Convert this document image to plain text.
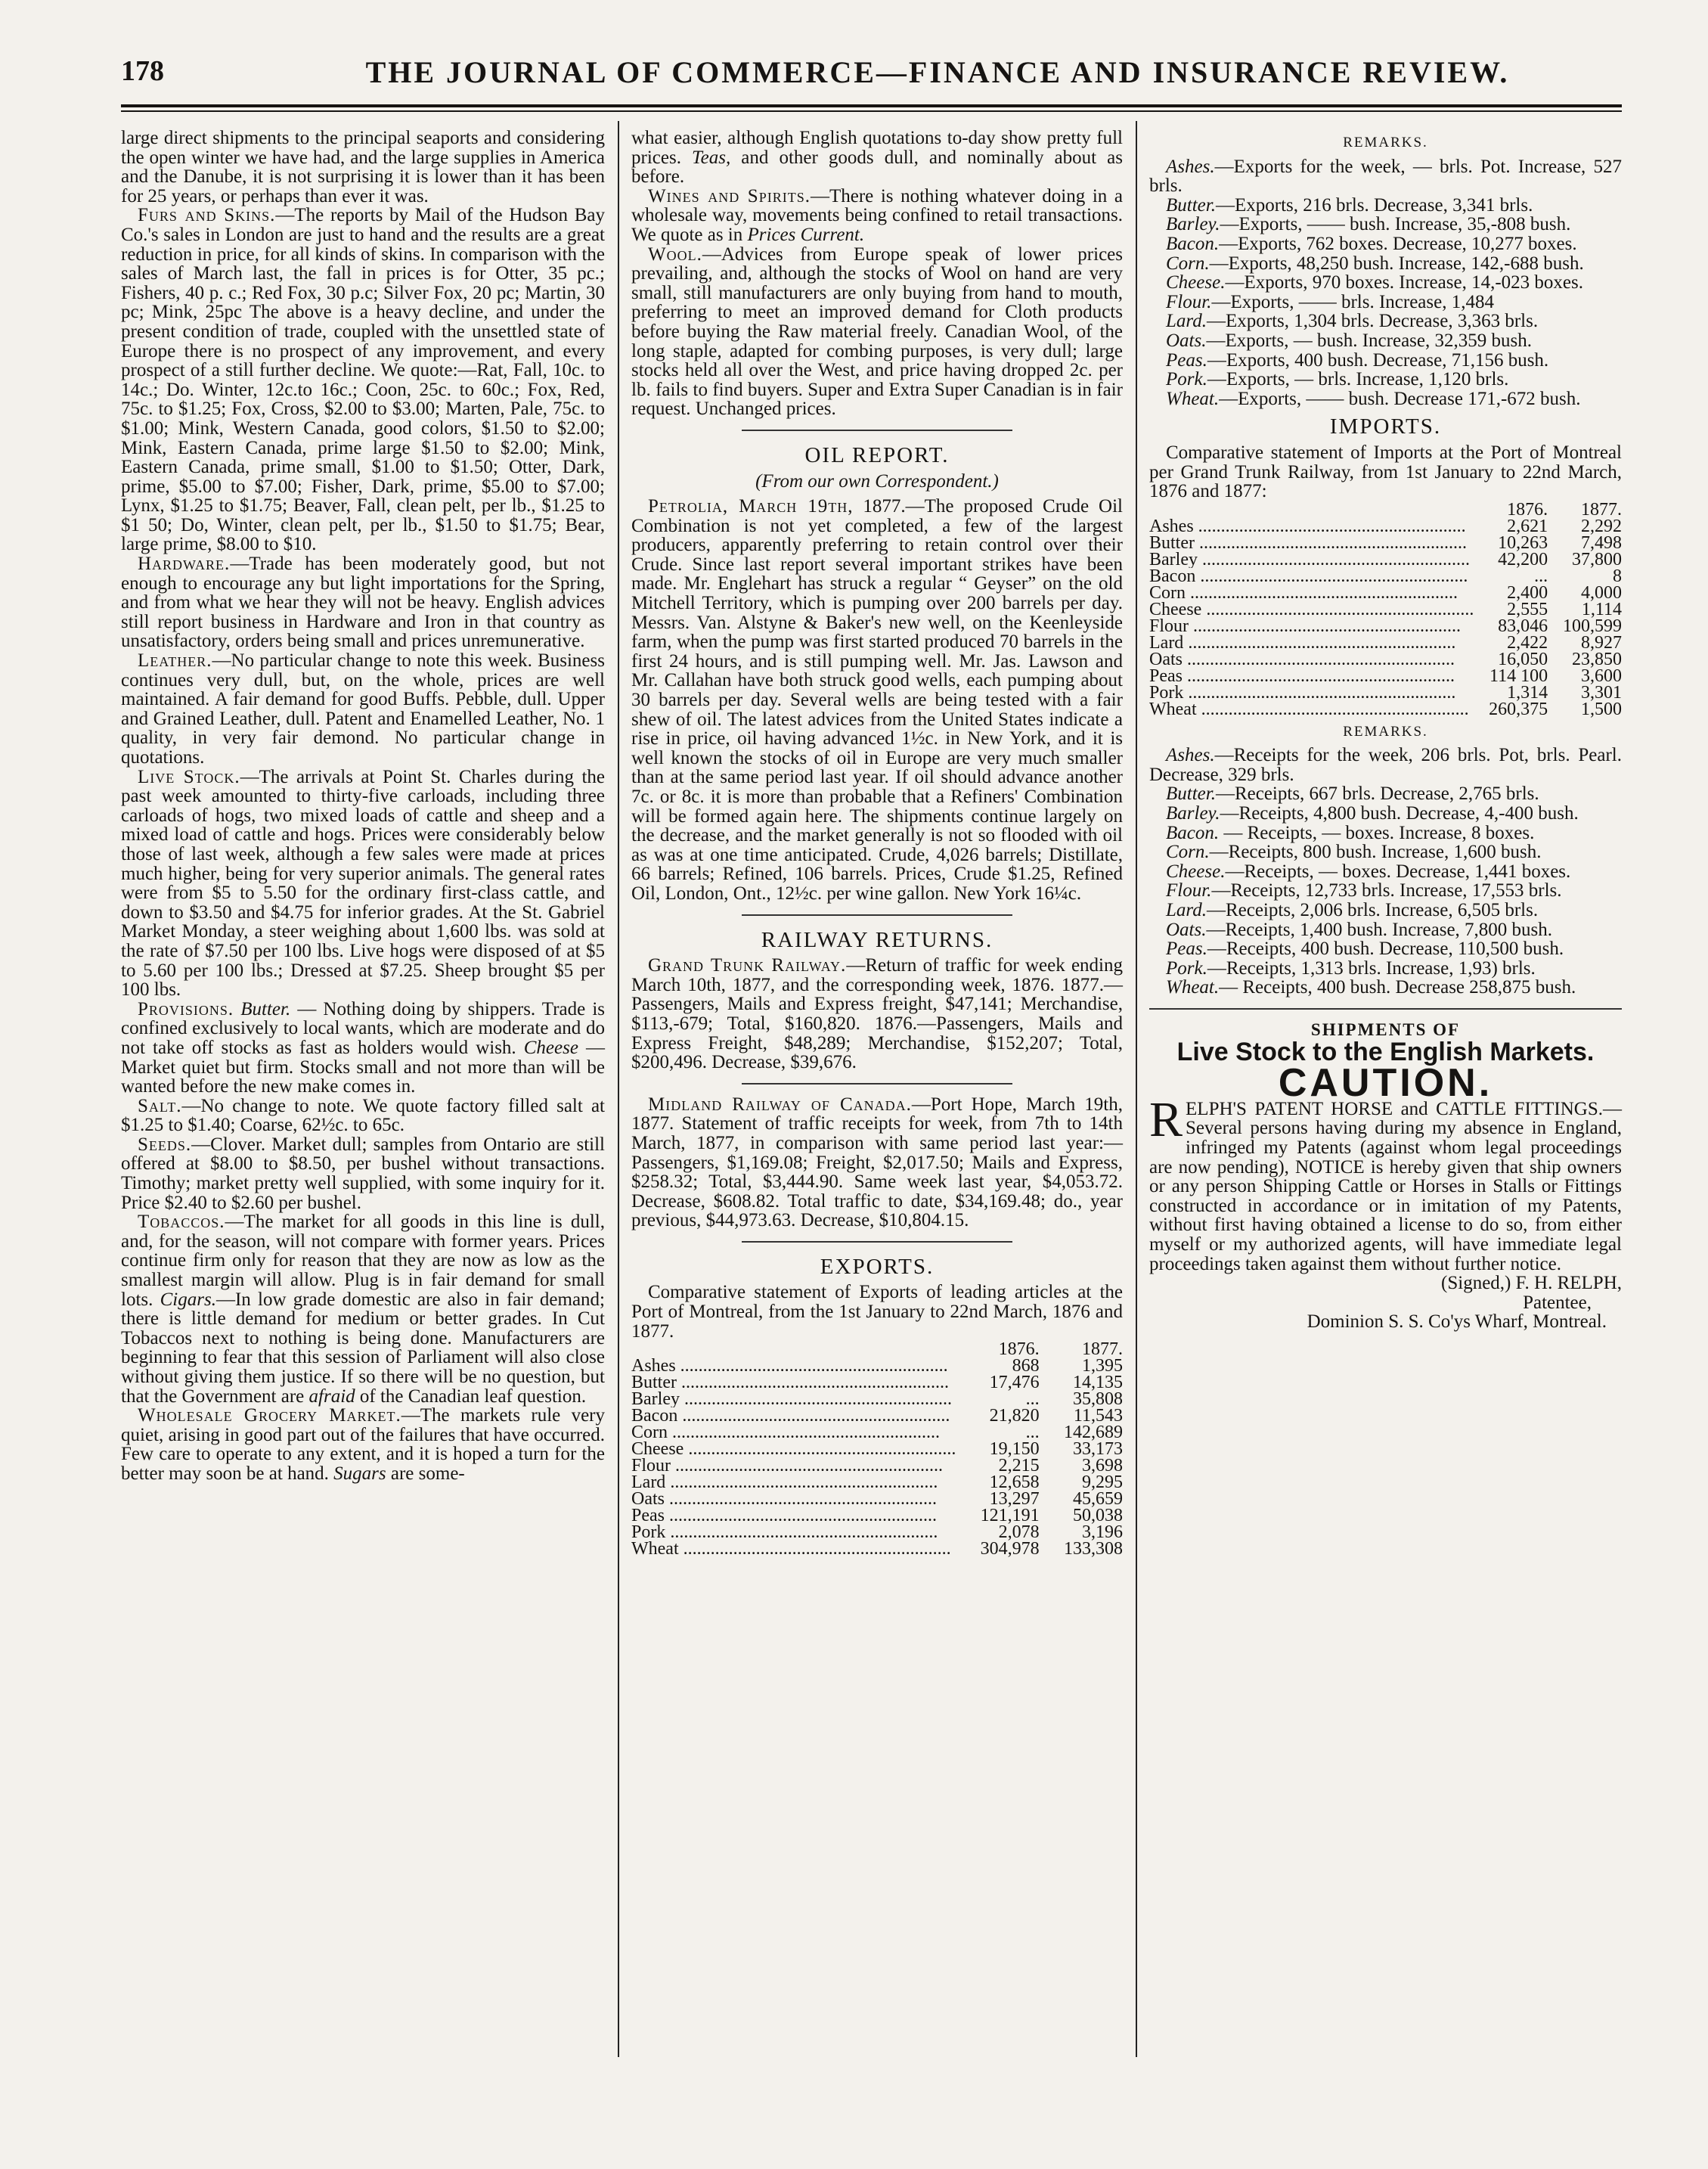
178	THE JOURNAL OF COMMERCE—FINANCE AND INSURANCE REVIEW.

large direct shipments to the principal seaports and considering the open winter we have had, and the large supplies in America and the Danube, it is not surprising it is lower than it has been for 25 years, or perhaps than ever it was.

Furs and Skins.—The reports by Mail of the Hudson Bay Co.'s sales in London are just to hand and the results are a great reduction in price, for all kinds of skins. In comparison with the sales of March last, the fall in prices is for Otter, 35 pc.; Fishers, 40 p. c.; Red Fox, 30 p.c; Silver Fox, 20 pc; Martin, 30 pc; Mink, 25pc The above is a heavy decline, and under the present condition of trade, coupled with the unsettled state of Europe there is no prospect of any improvement, and every prospect of a still further decline. We quote:—Rat, Fall, 10c. to 14c.; Do. Winter, 12c.to 16c.; Coon, 25c. to 60c.; Fox, Red, 75c. to $1.25; Fox, Cross, $2.00 to $3.00; Marten, Pale, 75c. to $1.00; Mink, Western Canada, good colors, $1.50 to $2.00; Mink, Eastern Canada, prime large $1.50 to $2.00; Mink, Eastern Canada, prime small, $1.00 to $1.50; Otter, Dark, prime, $5.00 to $7.00; Fisher, Dark, prime, $5.00 to $7.00; Lynx, $1.25 to $1.75; Beaver, Fall, clean pelt, per lb., $1.25 to $1 50; Do, Winter, clean pelt, per lb., $1.50 to $1.75; Bear, large prime, $8.00 to $10.

Hardware.—Trade has been moderately good, but not enough to encourage any but light importations for the Spring, and from what we hear they will not be heavy. English advices still report business in Hardware and Iron in that country as unsatisfactory, orders being small and prices unremunerative.

Leather.—No particular change to note this week. Business continues very dull, but, on the whole, prices are well maintained. A fair demand for good Buffs. Pebble, dull. Upper and Grained Leather, dull. Patent and Enamelled Leather, No. 1 quality, in very fair demond. No particular change in quotations.

Live Stock.—The arrivals at Point St. Charles during the past week amounted to thirty-five carloads, including three carloads of hogs, two mixed loads of cattle and sheep and a mixed load of cattle and hogs. Prices were considerably below those of last week, although a few sales were made at prices much higher, being for very superior animals. The general rates were from $5 to 5.50 for the ordinary first-class cattle, and down to $3.50 and $4.75 for inferior grades. At the St. Gabriel Market Monday, a steer weighing about 1,600 lbs. was sold at the rate of $7.50 per 100 lbs. Live hogs were disposed of at $5 to 5.60 per 100 lbs.; Dressed at $7.25. Sheep brought $5 per 100 lbs.

Provisions. Butter. — Nothing doing by shippers. Trade is confined exclusively to local wants, which are moderate and do not take off stocks as fast as holders would wish. Cheese —Market quiet but firm. Stocks small and not more than will be wanted before the new make comes in.

Salt.—No change to note. We quote factory filled salt at $1.25 to $1.40; Coarse, 62½c. to 65c.

Seeds.—Clover. Market dull; samples from Ontario are still offered at $8.00 to $8.50, per bushel without transactions. Timothy; market pretty well supplied, with some inquiry for it. Price $2.40 to $2.60 per bushel.

Tobaccos.—The market for all goods in this line is dull, and, for the season, will not compare with former years. Prices continue firm only for reason that they are now as low as the smallest margin will allow. Plug is in fair demand for small lots. Cigars.—In low grade domestic are also in fair demand; there is little demand for medium or better grades. In Cut Tobaccos next to nothing is being done. Manufacturers are beginning to fear that this session of Parliament will also close without giving them justice. If so there will be no question, but that the Government are afraid of the Canadian leaf question.

Wholesale Grocery Market.—The markets rule very quiet, arising in good part out of the failures that have occurred. Few care to operate to any extent, and it is hoped a turn for the better may soon be at hand. Sugars are some-

what easier, although English quotations to-day show pretty full prices. Teas, and other goods dull, and nominally about as before.

Wines and Spirits.—There is nothing whatever doing in a wholesale way, movements being confined to retail transactions. We quote as in Prices Current.

Wool.—Advices from Europe speak of lower prices prevailing, and, although the stocks of Wool on hand are very small, still manufacturers are only buying from hand to mouth, preferring to meet an improved demand for Cloth products before buying the Raw material freely. Canadian Wool, of the long staple, adapted for combing purposes, is very dull; large stocks held all over the West, and price having dropped 2c. per lb. fails to find buyers. Super and Extra Super Canadian is in fair request. Unchanged prices.

OIL REPORT.
(From our own Correspondent.)

Petrolia, March 19th, 1877.—The proposed Crude Oil Combination is not yet completed, a few of the largest producers, apparently preferring to retain control over their Crude. Since last report several important strikes have been made. Mr. Englehart has struck a regular “ Geyser” on the old Mitchell Territory, which is pumping over 200 barrels per day. Messrs. Van. Alstyne & Baker's new well, on the Keenleyside farm, when the pump was first started produced 70 barrels in the first 24 hours, and is still pumping well. Mr. Jas. Lawson and Mr. Callahan have both struck good wells, each pumping about 30 barrels per day. Several wells are being tested with a fair shew of oil. The latest advices from the United States indicate a rise in price, oil having advanced 1½c. in New York, and it is well known the stocks of oil in Europe are very much smaller than at the same period last year. If oil should advance another 7c. or 8c. it is more than probable that a Refiners' Combination will be formed again here. The shipments continue largely on the decrease, and the market generally is not so flooded with oil as was at one time anticipated. Crude, 4,026 barrels; Distillate, 66 barrels; Refined, 106 barrels. Prices, Crude $1.25, Refined Oil, London, Ont., 12½c. per wine gallon. New York 16¼c.

RAILWAY RETURNS.

Grand Trunk Railway.—Return of traffic for week ending March 10th, 1877, and the corresponding week, 1876. 1877.—Passengers, Mails and Express freight, $47,141; Merchandise, $113,-679; Total, $160,820. 1876.—Passengers, Mails and Express Freight, $48,289; Merchandise, $152,207; Total, $200,496. Decrease, $39,676.

Midland Railway of Canada.—Port Hope, March 19th, 1877. Statement of traffic receipts for week, from 7th to 14th March, 1877, in comparison with same period last year:—Passengers, $1,169.08; Freight, $2,017.50; Mails and Express, $258.32; Total, $3,444.90. Same week last year, $4,053.72. Decrease, $608.82. Total traffic to date, $34,169.48; do., year previous, $44,973.63. Decrease, $10,804.15.

EXPORTS.

Comparative statement of Exports of leading articles at the Port of Montreal, from the 1st January to 22nd March, 1876 and 1877.

	1876.	1877.
Ashes .....	868	1,395
Butter .....	17,476	14,135
Barley .....	...	35,808
Bacon .....	21,820	11,543
Corn .....	...	142,689
Cheese .....	19,150	33,173
Flour .....	2,215	3,698
Lard .....	12,658	9,295
Oats .....	13,297	45,659
Peas .....	121,191	50,038
Pork .....	2,078	3,196
Wheat .....	304,978	133,308
REMARKS.

Ashes.—Exports for the week, — brls. Pot. Increase, 527 brls.

Butter.—Exports, 216 brls. Decrease, 3,341 brls.

Barley.—Exports, —— bush. Increase, 35,-808 bush.

Bacon.—Exports, 762 boxes. Decrease, 10,277 boxes.

Corn.—Exports, 48,250 bush. Increase, 142,-688 bush.

Cheese.—Exports, 970 boxes. Increase, 14,-023 boxes.

Flour.—Exports, —— brls. Increase, 1,484

Lard.—Exports, 1,304 brls. Decrease, 3,363 brls.

Oats.—Exports, — bush. Increase, 32,359 bush.

Peas.—Exports, 400 bush. Decrease, 71,156 bush.

Pork.—Exports, — brls. Increase, 1,120 brls.

Wheat.—Exports, —— bush. Decrease 171,-672 bush.

IMPORTS.

Comparative statement of Imports at the Port of Montreal per Grand Trunk Railway, from 1st January to 22nd March, 1876 and 1877:

	1876.	1877.
Ashes .....	2,621	2,292
Butter .....	10,263	7,498
Barley .....	42,200	37,800
Bacon .....	...	8
Corn .....	2,400	4,000
Cheese .....	2,555	1,114
Flour .....	83,046	100,599
Lard .....	2,422	8,927
Oats .....	16,050	23,850
Peas .....	114 100	3,600
Pork .....	1,314	3,301
Wheat .....	260,375	1,500
REMARKS.

Ashes.—Receipts for the week, 206 brls. Pot, brls. Pearl. Decrease, 329 brls.

Butter.—Receipts, 667 brls. Decrease, 2,765 brls.

Barley.—Receipts, 4,800 bush. Decrease, 4,-400 bush.

Bacon. — Receipts, — boxes. Increase, 8 boxes.

Corn.—Receipts, 800 bush. Increase, 1,600 bush.

Cheese.—Receipts, — boxes. Decrease, 1,441 boxes.

Flour.—Receipts, 12,733 brls. Increase, 17,553 brls.

Lard.—Receipts, 2,006 brls. Increase, 6,505 brls.

Oats.—Receipts, 1,400 bush. Increase, 7,800 bush.

Peas.—Receipts, 400 bush. Decrease, 110,500 bush.

Pork.—Receipts, 1,313 brls. Increase, 1,93) brls.

Wheat.— Receipts, 400 bush. Decrease 258,875 bush.

SHIPMENTS OF
Live Stock to the English Markets.
CAUTION.

RELPH'S PATENT HORSE and CATTLE FITTINGS.—Several persons having during my absence in England, infringed my Patents (against whom legal proceedings are now pending), NOTICE is hereby given that ship owners or any person Shipping Cattle or Horses in Stalls or Fittings constructed in accordance or in imitation of my Patents, without first having obtained a license to do so, from either myself or my authorized agents, will have immediate legal proceedings taken against them without further notice.

(Signed,) F. H. RELPH,

Patentee,

Dominion S. S. Co'ys Wharf, Montreal.
